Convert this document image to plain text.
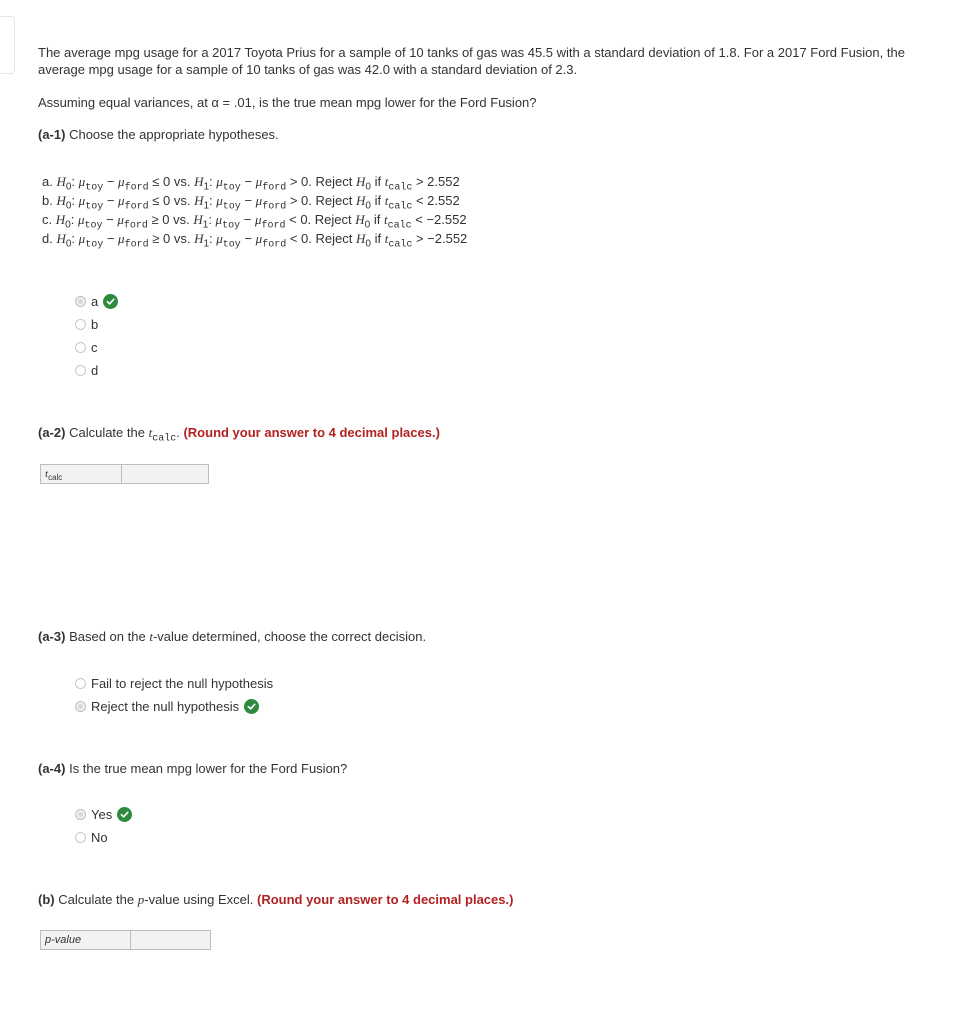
The average mpg usage for a 2017 Toyota Prius for a sample of 10 tanks of gas was 45.5 with a standard deviation of 1.8. For a 2017 Ford Fusion, the average mpg usage for a sample of 10 tanks of gas was 42.0 with a standard deviation of 2.3.
Assuming equal variances, at α = .01, is the true mean mpg lower for the Ford Fusion?
(a-1) Choose the appropriate hypotheses.
a. $H_0$: $\mu_{toy} - \mu_{ford} \le 0$ vs. $H_1$: $\mu_{toy} - \mu_{ford} > 0$. Reject $H_0$ if $t_{calc} > 2.552$
b. $H_0$: $\mu_{toy} - \mu_{ford} \le 0$ vs. $H_1$: $\mu_{toy} - \mu_{ford} > 0$. Reject $H_0$ if $t_{calc} < 2.552$
c. $H_0$: $\mu_{toy} - \mu_{ford} \ge 0$ vs. $H_1$: $\mu_{toy} - \mu_{ford} < 0$. Reject $H_0$ if $t_{calc} < -2.552$
d. $H_0$: $\mu_{toy} - \mu_{ford} \ge 0$ vs. $H_1$: $\mu_{toy} - \mu_{ford} < 0$. Reject $H_0$ if $t_{calc} > -2.552$
a
b
c
d
(a-2) Calculate the $t_{calc}$. (Round your answer to 4 decimal places.)
$t_{calc}$
(a-3) Based on the t-value determined, choose the correct decision.
Fail to reject the null hypothesis
Reject the null hypothesis
(a-4) Is the true mean mpg lower for the Ford Fusion?
Yes
No
(b) Calculate the p-value using Excel. (Round your answer to 4 decimal places.)
p-value
